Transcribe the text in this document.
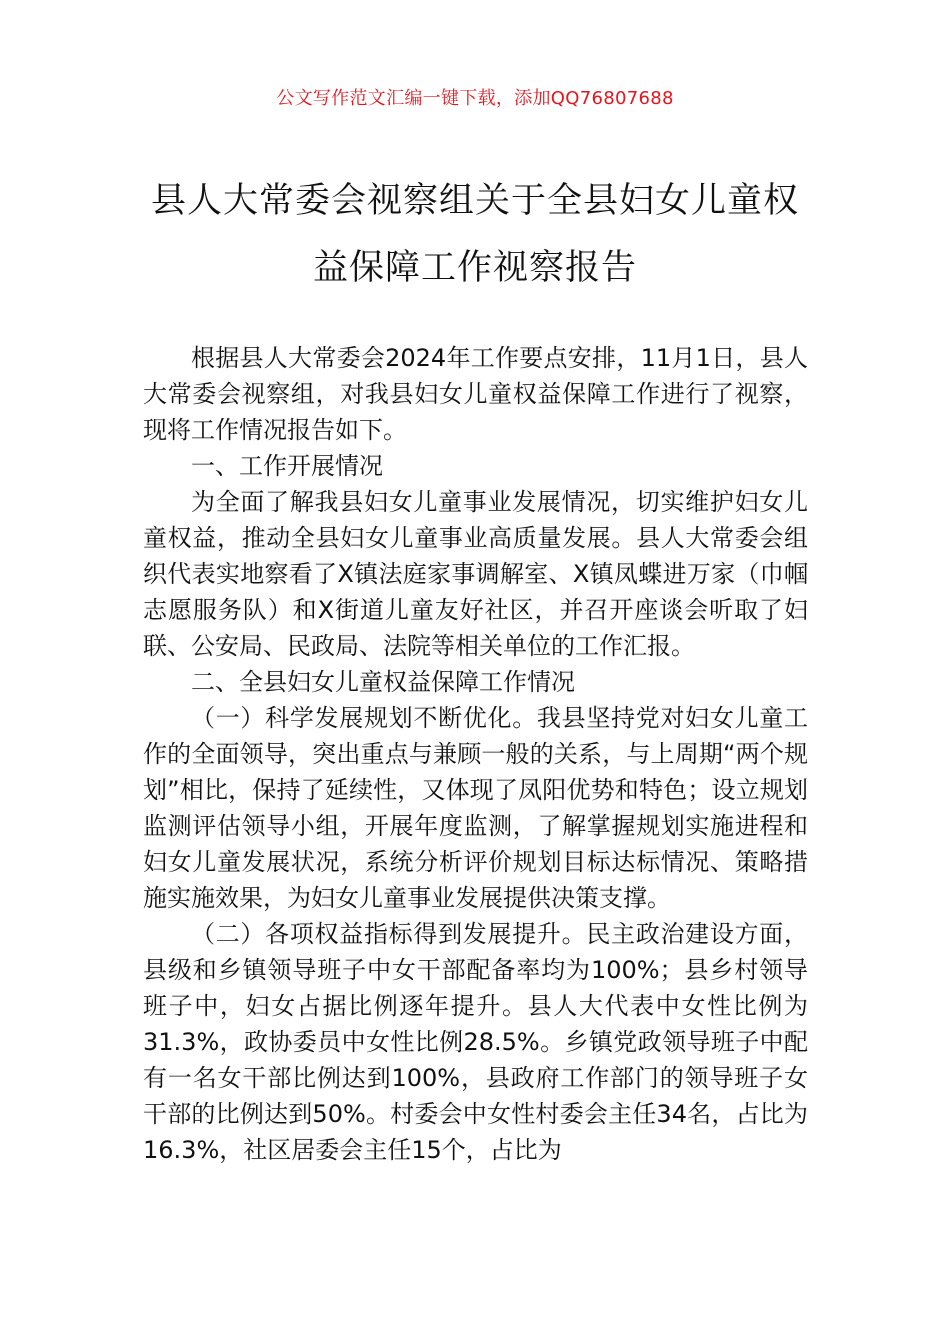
公文写作范文汇编一键下载，添加QQ76807688
县人大常委会视察组关于全县妇女儿童权益保障工作视察报告

根据县人大常委会2024年工作要点安排，11月1日，县人大常委会视察组，对我县妇女儿童权益保障工作进行了视察，现将工作情况报告如下。

一、工作开展情况

为全面了解我县妇女儿童事业发展情况，切实维护妇女儿童权益，推动全县妇女儿童事业高质量发展。县人大常委会组织代表实地察看了X镇法庭家事调解室、X镇凤蝶进万家（巾帼志愿服务队）和X街道儿童友好社区，并召开座谈会听取了妇联、公安局、民政局、法院等相关单位的工作汇报。

二、全县妇女儿童权益保障工作情况

（一）科学发展规划不断优化。我县坚持党对妇女儿童工作的全面领导，突出重点与兼顾一般的关系，与上周期“两个规划”相比，保持了延续性，又体现了凤阳优势和特色；设立规划监测评估领导小组，开展年度监测，了解掌握规划实施进程和妇女儿童发展状况，系统分析评价规划目标达标情况、策略措施实施效果，为妇女儿童事业发展提供决策支撑。

（二）各项权益指标得到发展提升。民主政治建设方面，县级和乡镇领导班子中女干部配备率均为100%；县乡村领导班子中，妇女占据比例逐年提升。县人大代表中女性比例为31.3%，政协委员中女性比例28.5%。乡镇党政领导班子中配有一名女干部比例达到100%，县政府工作部门的领导班子女干部的比例达到50%。村委会中女性村委会主任34名，占比为16.3%，社区居委会主任15个，占比为
